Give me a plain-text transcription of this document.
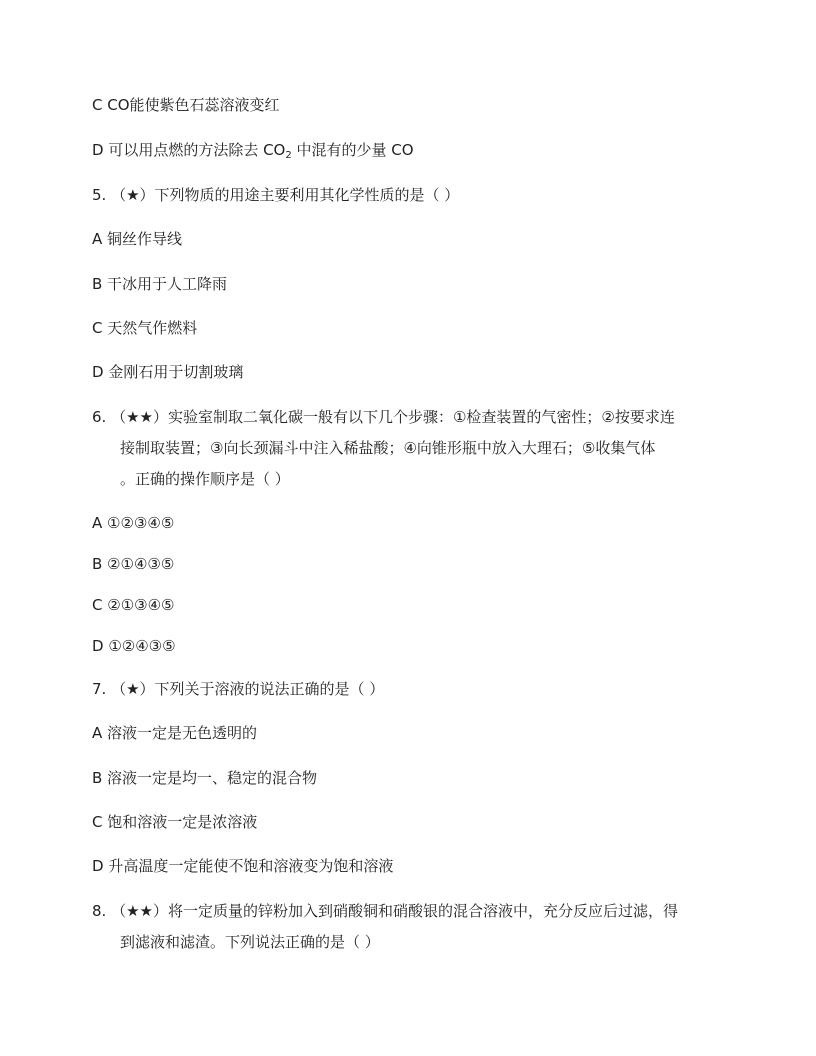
C CO能使紫色石蕊溶液变红
D 可以用点燃的方法除去 $CO_2$ 中混有的少量 CO
5. （★）下列物质的用途主要利用其化学性质的是（ ）
A 铜丝作导线
B 干冰用于人工降雨
C 天然气作燃料
D 金刚石用于切割玻璃
6. （★★）实验室制取二氧化碳一般有以下几个步骤：①检查装置的气密性；②按要求连
接制取装置；③向长颈漏斗中注入稀盐酸；④向锥形瓶中放入大理石；⑤收集气体
。正确的操作顺序是（ ）
A ①②③④⑤
B ②①④③⑤
C ②①③④⑤
D ①②④③⑤
7. （★）下列关于溶液的说法正确的是（ ）
A 溶液一定是无色透明的
B 溶液一定是均一、稳定的混合物
C 饱和溶液一定是浓溶液
D 升高温度一定能使不饱和溶液变为饱和溶液
8. （★★）将一定质量的锌粉加入到硝酸铜和硝酸银的混合溶液中，充分反应后过滤，得
到滤液和滤渣。下列说法正确的是（ ）
